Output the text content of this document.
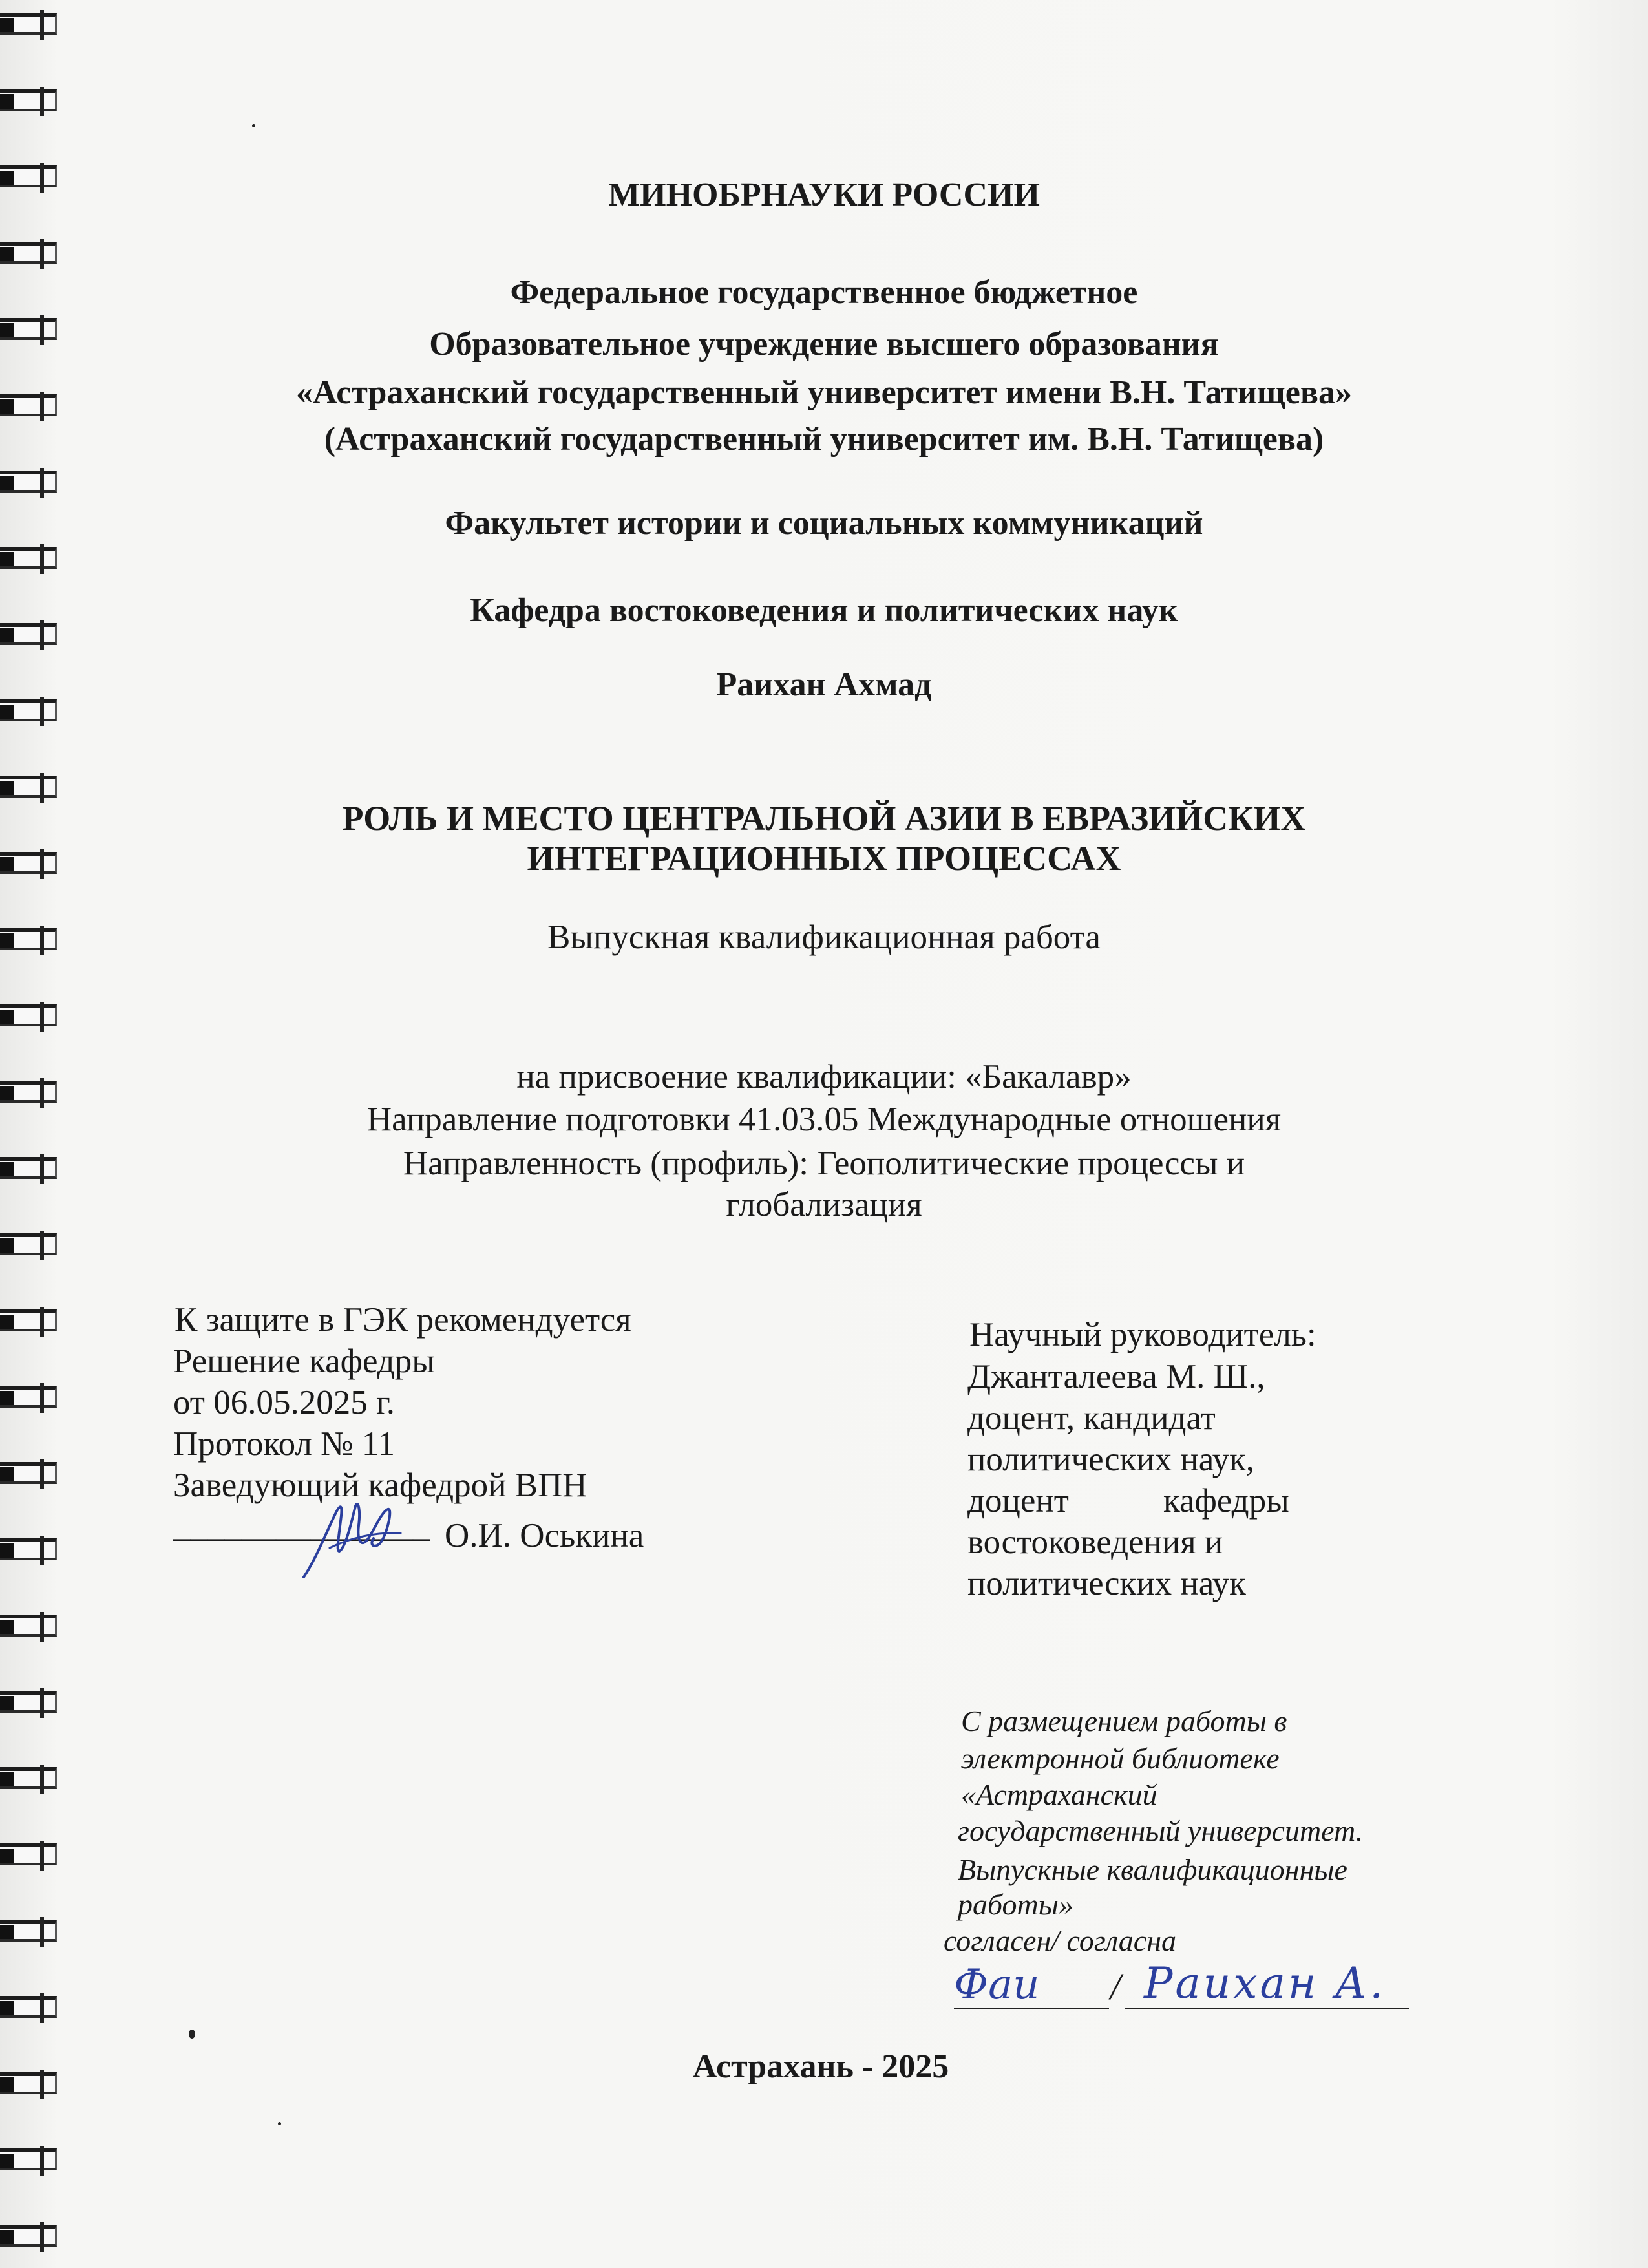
МИНОБРНАУКИ РОССИИ
Федеральное государственное бюджетное
Образовательное учреждение высшего образования
«Астраханский государственный университет имени В.Н. Татищева»
(Астраханский государственный университет им. В.Н. Татищева)
Факультет истории и социальных коммуникаций
Кафедра востоковедения и политических наук
Раихан Ахмад
РОЛЬ И МЕСТО ЦЕНТРАЛЬНОЙ АЗИИ В ЕВРАЗИЙСКИХ
ИНТЕГРАЦИОННЫХ ПРОЦЕССАХ
Выпускная квалификационная работа
на присвоение квалификации: «Бакалавр»
Направление подготовки 41.03.05 Международные отношения
Направленность (профиль): Геополитические процессы и
глобализация
К защите в ГЭК рекомендуется
Решение кафедры
от 06.05.2025 г.
Протокол № 11
Заведующий кафедрой ВПН
_______________ О.И. Оськина
Научный руководитель:
Джанталеева М. Ш.,
доцент, кандидат
политических наук,
доцент	кафедры
востоковедения и
политических наук
С размещением работы в
электронной библиотеке
«Астраханский
государственный университет.
Выпускные квалификационные
работы»
согласен/ согласна
Фаи / Раихан А.
Астрахань - 2025
